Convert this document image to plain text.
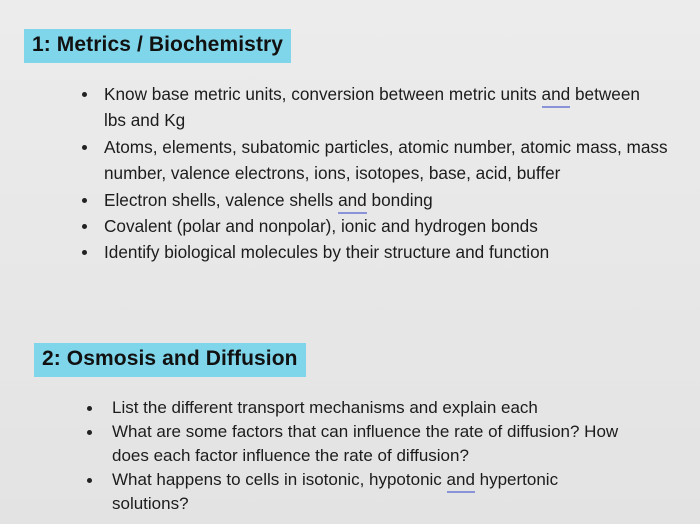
1: Metrics / Biochemistry
Know base metric units, conversion between metric units and between lbs and Kg
Atoms, elements, subatomic particles, atomic number, atomic mass, mass number, valence electrons, ions, isotopes, base, acid, buffer
Electron shells, valence shells and bonding
Covalent (polar and nonpolar), ionic and hydrogen bonds
Identify biological molecules by their structure and function
2: Osmosis and Diffusion
List the different transport mechanisms and explain each
What are some factors that can influence the rate of diffusion? How does each factor influence the rate of diffusion?
What happens to cells in isotonic, hypotonic and hypertonic solutions?
